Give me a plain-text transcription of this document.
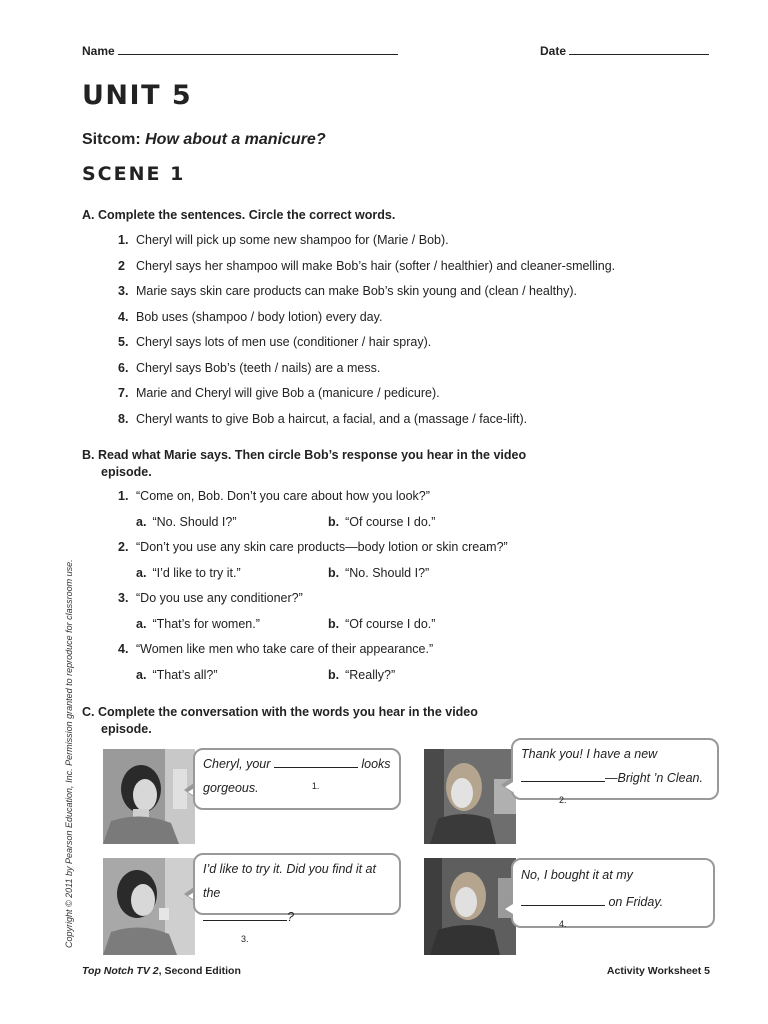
Name	Date
UNIT 5
Sitcom: How about a manicure?
SCENE 1
A. Complete the sentences. Circle the correct words.
1. Cheryl will pick up some new shampoo for (Marie / Bob).
2 Cheryl says her shampoo will make Bob’s hair (softer / healthier) and cleaner-smelling.
3. Marie says skin care products can make Bob’s skin young and (clean / healthy).
4. Bob uses (shampoo / body lotion) every day.
5. Cheryl says lots of men use (conditioner / hair spray).
6. Cheryl says Bob’s (teeth / nails) are a mess.
7. Marie and Cheryl will give Bob a (manicure / pedicure).
8. Cheryl wants to give Bob a haircut, a facial, and a (massage / face-lift).
B. Read what Marie says. Then circle Bob’s response you hear in the video
episode.
1. “Come on, Bob. Don’t you care about how you look?”
a. “No. Should I?”	b. “Of course I do.”
2. “Don’t you use any skin care products—body lotion or skin cream?”
a. “I’d like to try it.”	b. “No. Should I?”
3. “Do you use any conditioner?”
a. “That’s for women.”	b. “Of course I do.”
4. “Women like men who take care of their appearance.”
a. “That’s all?”	b. “Really?”
C. Complete the conversation with the words you hear in the video
episode.
Cheryl, your
1.
looks
gorgeous.
Thank you! I have a new
2.
—Bright ’n Clean.
I’d like to try it. Did you find it at the
3.
?
No, I bought it at my
4.
on Friday.
Copyright © 2011 by Pearson Education, Inc. Permission granted to reproduce for classroom use.
Top Notch TV 2, Second Edition	Activity Worksheet 5
